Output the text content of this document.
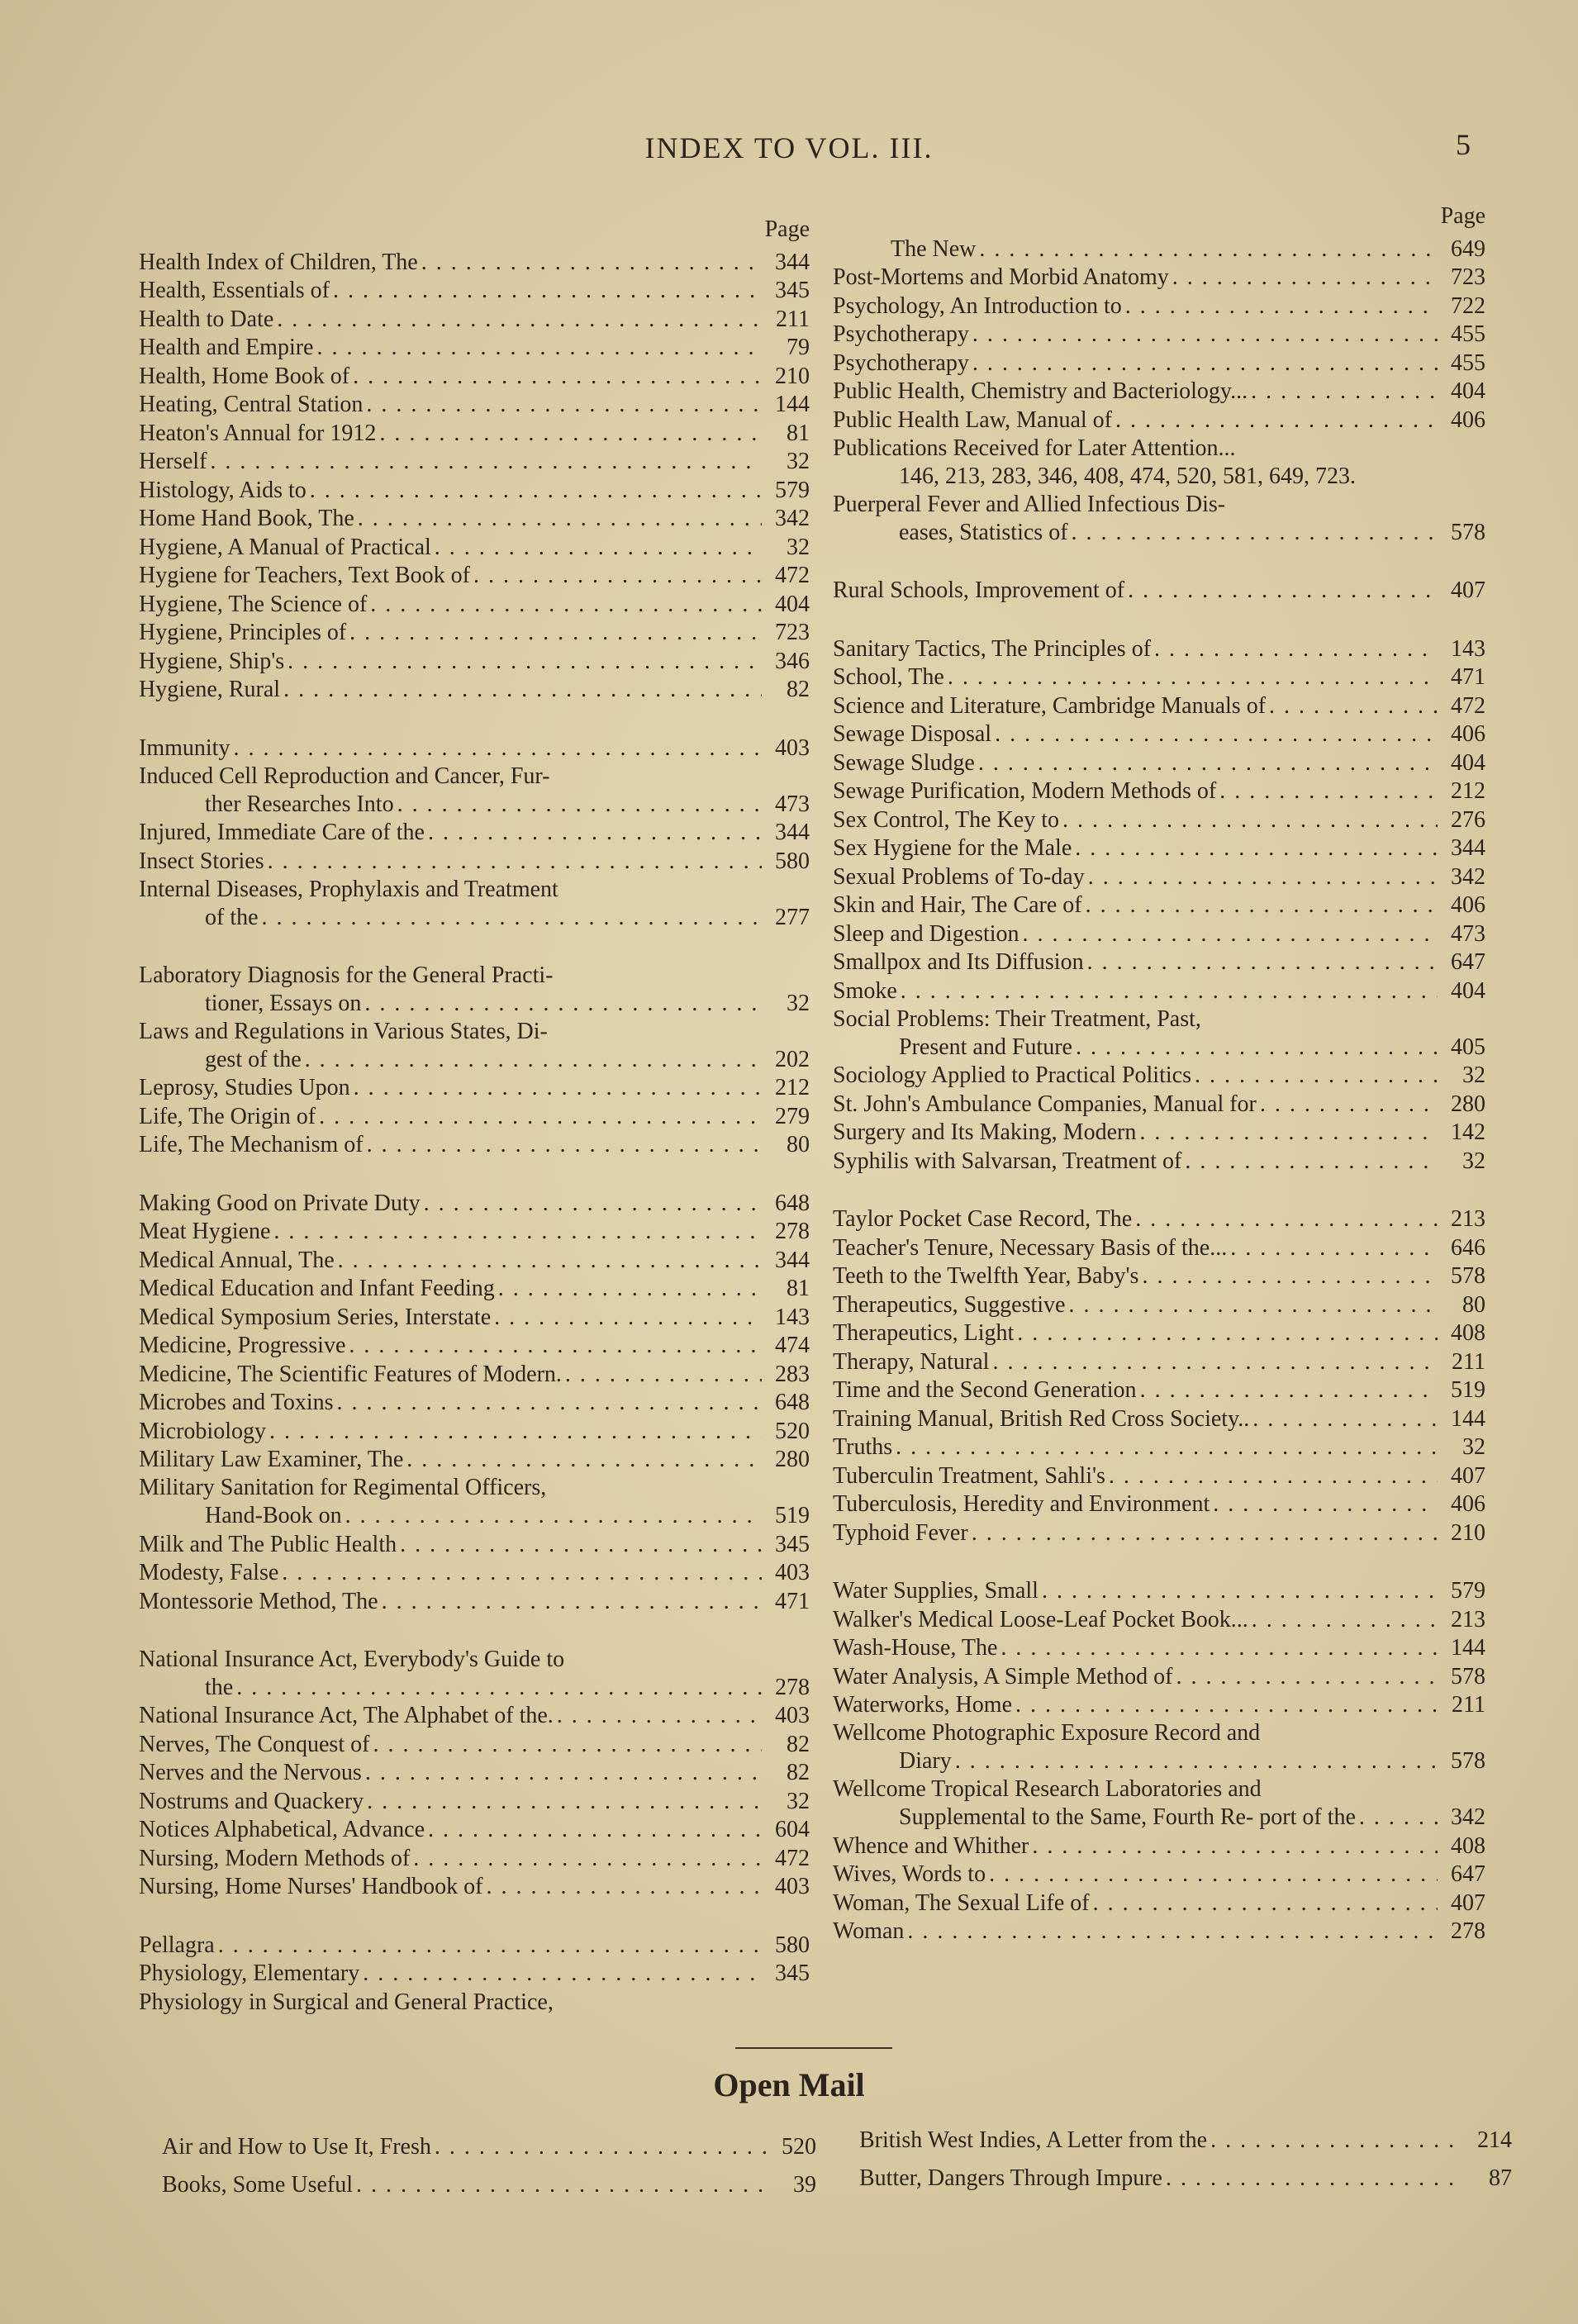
INDEX TO VOL. III.	5
Page
Health Index of Children, The . . .	344
Health, Essentials of . . .	345
Health to Date . . .	211
Health and Empire . . .	79
Health, Home Book of . . .	210
Heating, Central Station . . .	144
Heaton's Annual for 1912 . . .	81
Herself . . .	32
Histology, Aids to . . .	579
Home Hand Book, The . . .	342
Hygiene, A Manual of Practical . . .	32
Hygiene for Teachers, Text Book of . . .	472
Hygiene, The Science of . . .	404
Hygiene, Principles of . . .	723
Hygiene, Ship's . . .	346
Hygiene, Rural . . .	82
Immunity . . .	403
Induced Cell Reproduction and Cancer, Fur-
ther Researches Into . . .	473
Injured, Immediate Care of the . . .	344
Insect Stories . . .	580
Internal Diseases, Prophylaxis and Treatment
of the . . .	277
Laboratory Diagnosis for the General Practi-
tioner, Essays on . . .	32
Laws and Regulations in Various States, Di-
gest of the . . .	202
Leprosy, Studies Upon . . .	212
Life, The Origin of . . .	279
Life, The Mechanism of . . .	80
Making Good on Private Duty . . .	648
Meat Hygiene . . .	278
Medical Annual, The . . .	344
Medical Education and Infant Feeding . . .	81
Medical Symposium Series, Interstate . . .	143
Medicine, Progressive . . .	474
Medicine, The Scientific Features of Modern. . . .	283
Microbes and Toxins . . .	648
Microbiology . . .	520
Military Law Examiner, The . . .	280
Military Sanitation for Regimental Officers,
Hand-Book on . . .	519
Milk and The Public Health . . .	345
Modesty, False . . .	403
Montessorie Method, The . . .	471
National Insurance Act, Everybody's Guide to
the . . .	278
National Insurance Act, The Alphabet of the. . . .	403
Nerves, The Conquest of . . .	82
Nerves and the Nervous . . .	82
Nostrums and Quackery . . .	32
Notices Alphabetical, Advance . . .	604
Nursing, Modern Methods of . . .	472
Nursing, Home Nurses' Handbook of . . .	403
Pellagra . . .	580
Physiology, Elementary . . .	345
Physiology in Surgical and General Practice,
Page
The New . . .	649
Post-Mortems and Morbid Anatomy . . .	723
Psychology, An Introduction to . . .	722
Psychotherapy . . .	455
Psychotherapy . . .	455
Public Health, Chemistry and Bacteriology... . . .	404
Public Health Law, Manual of . . .	406
Publications Received for Later Attention...
146, 213, 283, 346, 408, 474, 520, 581, 649, 723.
Puerperal Fever and Allied Infectious Dis-
eases, Statistics of . . .	578
Rural Schools, Improvement of . . .	407
Sanitary Tactics, The Principles of . . .	143
School, The . . .	471
Science and Literature, Cambridge Manuals of . . .	472
Sewage Disposal . . .	406
Sewage Sludge . . .	404
Sewage Purification, Modern Methods of . . .	212
Sex Control, The Key to . . .	276
Sex Hygiene for the Male . . .	344
Sexual Problems of To-day . . .	342
Skin and Hair, The Care of . . .	406
Sleep and Digestion . . .	473
Smallpox and Its Diffusion . . .	647
Smoke . . .	404
Social Problems: Their Treatment, Past,
Present and Future . . .	405
Sociology Applied to Practical Politics . . .	32
St. John's Ambulance Companies, Manual for . . .	280
Surgery and Its Making, Modern . . .	142
Syphilis with Salvarsan, Treatment of . . .	32
Taylor Pocket Case Record, The . . .	213
Teacher's Tenure, Necessary Basis of the... . . .	646
Teeth to the Twelfth Year, Baby's . . .	578
Therapeutics, Suggestive . . .	80
Therapeutics, Light . . .	408
Therapy, Natural . . .	211
Time and the Second Generation . . .	519
Training Manual, British Red Cross Society.. . . .	144
Truths . . .	32
Tuberculin Treatment, Sahli's . . .	407
Tuberculosis, Heredity and Environment . . .	406
Typhoid Fever . . .	210
Water Supplies, Small . . .	579
Walker's Medical Loose-Leaf Pocket Book... . . .	213
Wash-House, The . . .	144
Water Analysis, A Simple Method of . . .	578
Waterworks, Home . . .	211
Wellcome Photographic Exposure Record and
Diary . . .	578
Wellcome Tropical Research Laboratories and
Supplemental to the Same, Fourth Re- port of the . . .	342
Whence and Whither . . .	408
Wives, Words to . . .	647
Woman, The Sexual Life of . . .	407
Woman . . .	278
Open Mail
Air and How to Use It, Fresh . . .	520
Books, Some Useful . . .	39
British West Indies, A Letter from the . . .	214
Butter, Dangers Through Impure . . .	87
